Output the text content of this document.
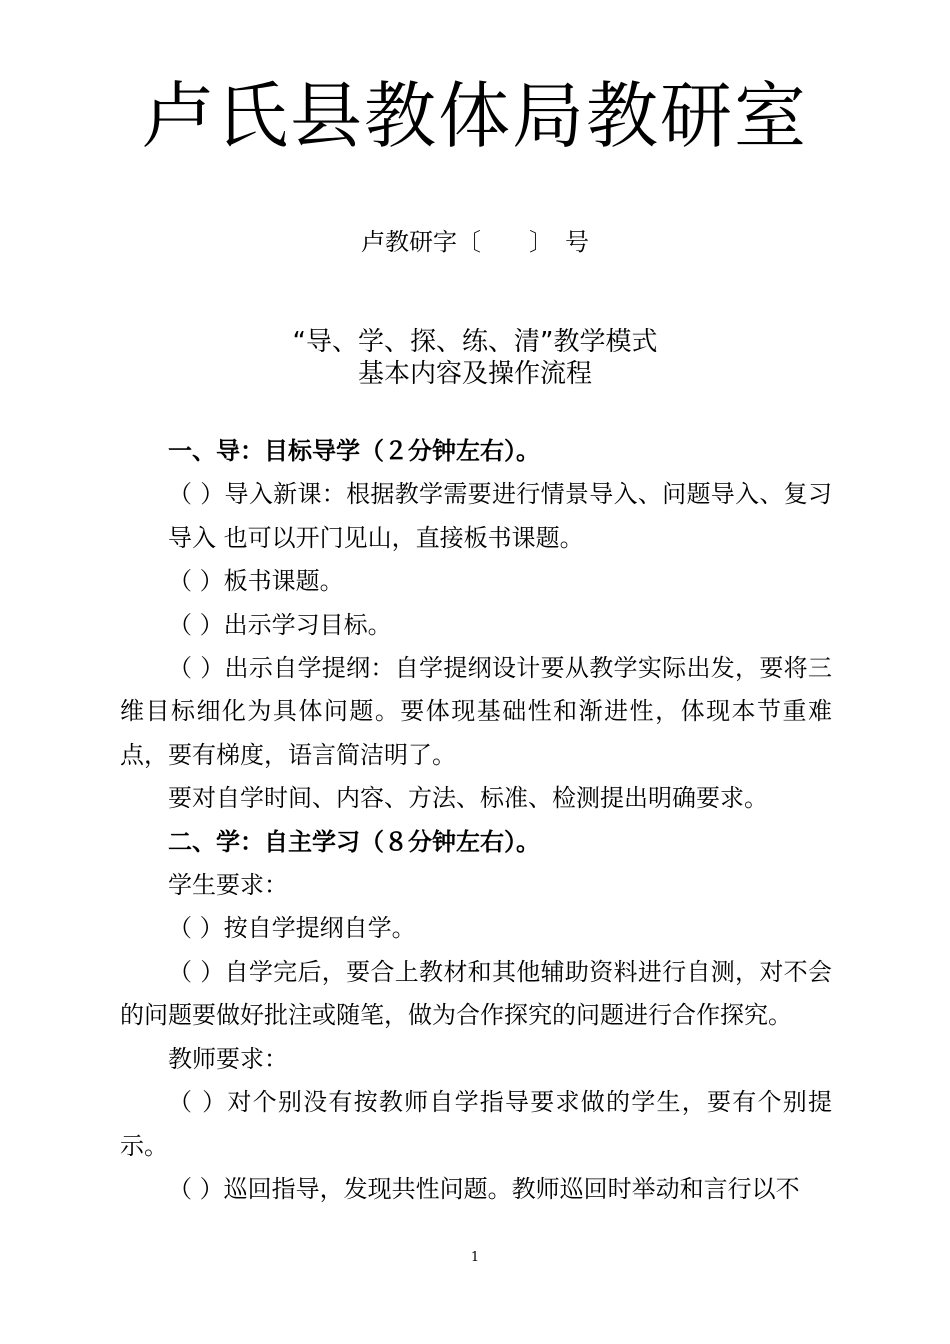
卢氏县教体局教研室
卢教研字〔　　〕　号
“导、学、探、练、清”教学模式
基本内容及操作流程

一、导：目标导学（２分钟左右）。

（ ）导入新课：根据教学需要进行情景导入、问题导入、复习导入 也可以开门见山，直接板书课题。

（ ）板书课题。

（ ）出示学习目标。

（ ）出示自学提纲：自学提纲设计要从教学实际出发，要将三维目标细化为具体问题。要体现基础性和渐进性，体现本节重难点，要有梯度，语言简洁明了。

要对自学时间、内容、方法、标准、检测提出明确要求。

二、学：自主学习（８分钟左右）。

学生要求：

（ ）按自学提纲自学。

（ ）自学完后，要合上教材和其他辅助资料进行自测，对不会的问题要做好批注或随笔，做为合作探究的问题进行合作探究。

教师要求：

（ ）对个别没有按教师自学指导要求做的学生，要有个别提示。

（ ）巡回指导，发现共性问题。教师巡回时举动和言行以不

1
